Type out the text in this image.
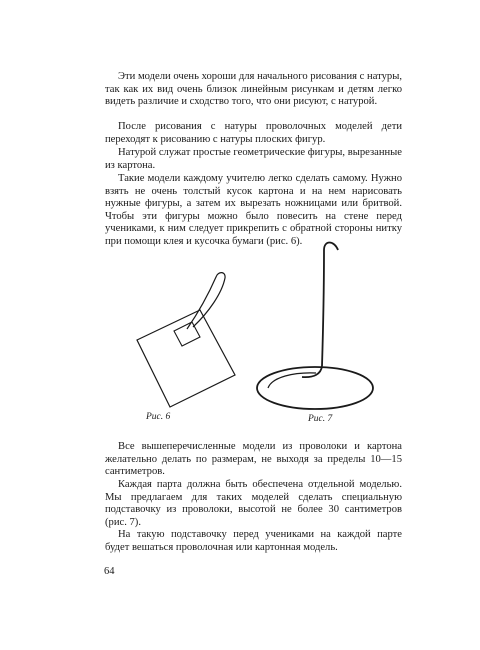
Эти модели очень хороши для начального рисования с натуры, так как их вид очень близок линейным рисункам и детям легко видеть различие и сходство того, что они рисуют, с натурой.

После рисования с натуры проволочных моделей дети переходят к рисованию с натуры плоских фигур.

Натурой служат простые геометрические фигуры, вырезанные из картона.

Такие модели каждому учителю легко сделать самому. Нужно взять не очень толстый кусок картона и на нем нарисовать нужные фигуры, а затем их вырезать ножницами или бритвой. Чтобы эти фигуры можно было повесить на стене перед учениками, к ним следует прикрепить с обратной стороны нитку при помощи клея и кусочка бумаги (рис. 6).

Рис. 6	Рис. 7

Все вышеперечисленные модели из проволоки и картона желательно делать по размерам, не выходя за пределы 10—15 сантиметров.

Каждая парта должна быть обеспечена отдельной моделью. Мы предлагаем для таких моделей сделать специальную подставочку из проволоки, высотой не более 30 сантиметров (рис. 7).

На такую подставочку перед учениками на каждой парте будет вешаться проволочная или картонная модель.

64
